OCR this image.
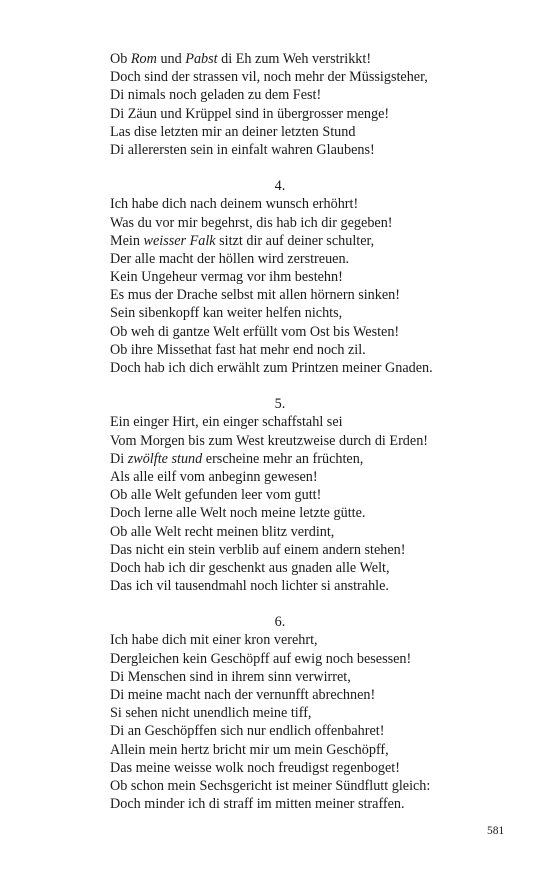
Ob Rom und Pabst di Eh zum Weh verstrikkt!
Doch sind der strassen vil, noch mehr der Müssigsteher,
Di nimals noch geladen zu dem Fest!
Di Zäun und Krüppel sind in übergrosser menge!
Las dise letzten mir an deiner letzten Stund
Di allerersten sein in einfalt wahren Glaubens!
4.
Ich habe dich nach deinem wunsch erhöhrt!
Was du vor mir begehrst, dis hab ich dir gegeben!
Mein weisser Falk sitzt dir auf deiner schulter,
Der alle macht der höllen wird zerstreuen.
Kein Ungeheur vermag vor ihm bestehn!
Es mus der Drache selbst mit allen hörnern sinken!
Sein sibenkopff kan weiter helfen nichts,
Ob weh di gantze Welt erfüllt vom Ost bis Westen!
Ob ihre Missethat fast hat mehr end noch zil.
Doch hab ich dich erwählt zum Printzen meiner Gnaden.
5.
Ein einger Hirt, ein einger schaffstahl sei
Vom Morgen bis zum West kreutzweise durch di Erden!
Di zwölfte stund erscheine mehr an früchten,
Als alle eilf vom anbeginn gewesen!
Ob alle Welt gefunden leer vom gutt!
Doch lerne alle Welt noch meine letzte gütte.
Ob alle Welt recht meinen blitz verdint,
Das nicht ein stein verblib auf einem andern stehen!
Doch hab ich dir geschenkt aus gnaden alle Welt,
Das ich vil tausendmahl noch lichter si anstrahle.
6.
Ich habe dich mit einer kron verehrt,
Dergleichen kein Geschöpff auf ewig noch besessen!
Di Menschen sind in ihrem sinn verwirret,
Di meine macht nach der vernunfft abrechnen!
Si sehen nicht unendlich meine tiff,
Di an Geschöpffen sich nur endlich offenbahret!
Allein mein hertz bricht mir um mein Geschöpff,
Das meine weisse wolk noch freudigst regenboget!
Ob schon mein Sechsgericht ist meiner Sündflutt gleich:
Doch minder ich di straff im mitten meiner straffen.
581
